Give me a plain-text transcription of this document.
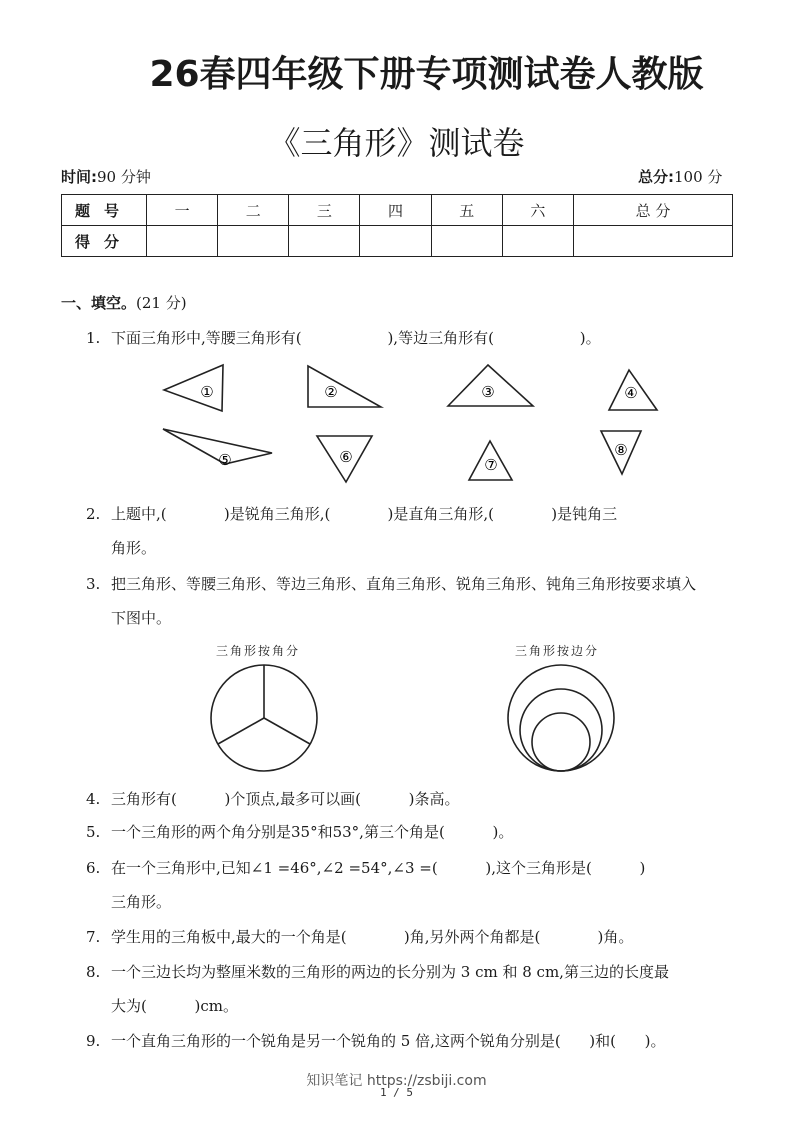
26春四年级下册专项测试卷人教版
《三角形》测试卷
时间:90 分钟	总分:100 分
题号	一	二	三	四	五	六	总 分
得分							
一、填空。(21 分)
1. 下面三角形中,等腰三角形有(                  ),等边三角形有(                  )。
①	②	③	④
⑤	⑥	⑦
⑧
2. 上题中,(            )是锐角三角形,(            )是直角三角形,(            )是钝角三
角形。
3. 把三角形、等腰三角形、等边三角形、直角三角形、锐角三角形、钝角三角形按要求填入
下图中。
三角形按角分	三角形按边分
4. 三角形有(          )个顶点,最多可以画(          )条高。
5. 一个三角形的两个角分别是35°和53°,第三个角是(          )。
6. 在一个三角形中,已知∠1 =46°,∠2 =54°,∠3 =(          ),这个三角形是(          )
三角形。
7. 学生用的三角板中,最大的一个角是(            )角,另外两个角都是(            )角。
8. 一个三边长均为整厘米数的三角形的两边的长分别为 3 cm 和 8 cm,第三边的长度最
大为(          )cm。
9. 一个直角三角形的一个锐角是另一个锐角的 5 倍,这两个锐角分别是(      )和(      )。
知识笔记 https://zsbiji.com
1 / 5
